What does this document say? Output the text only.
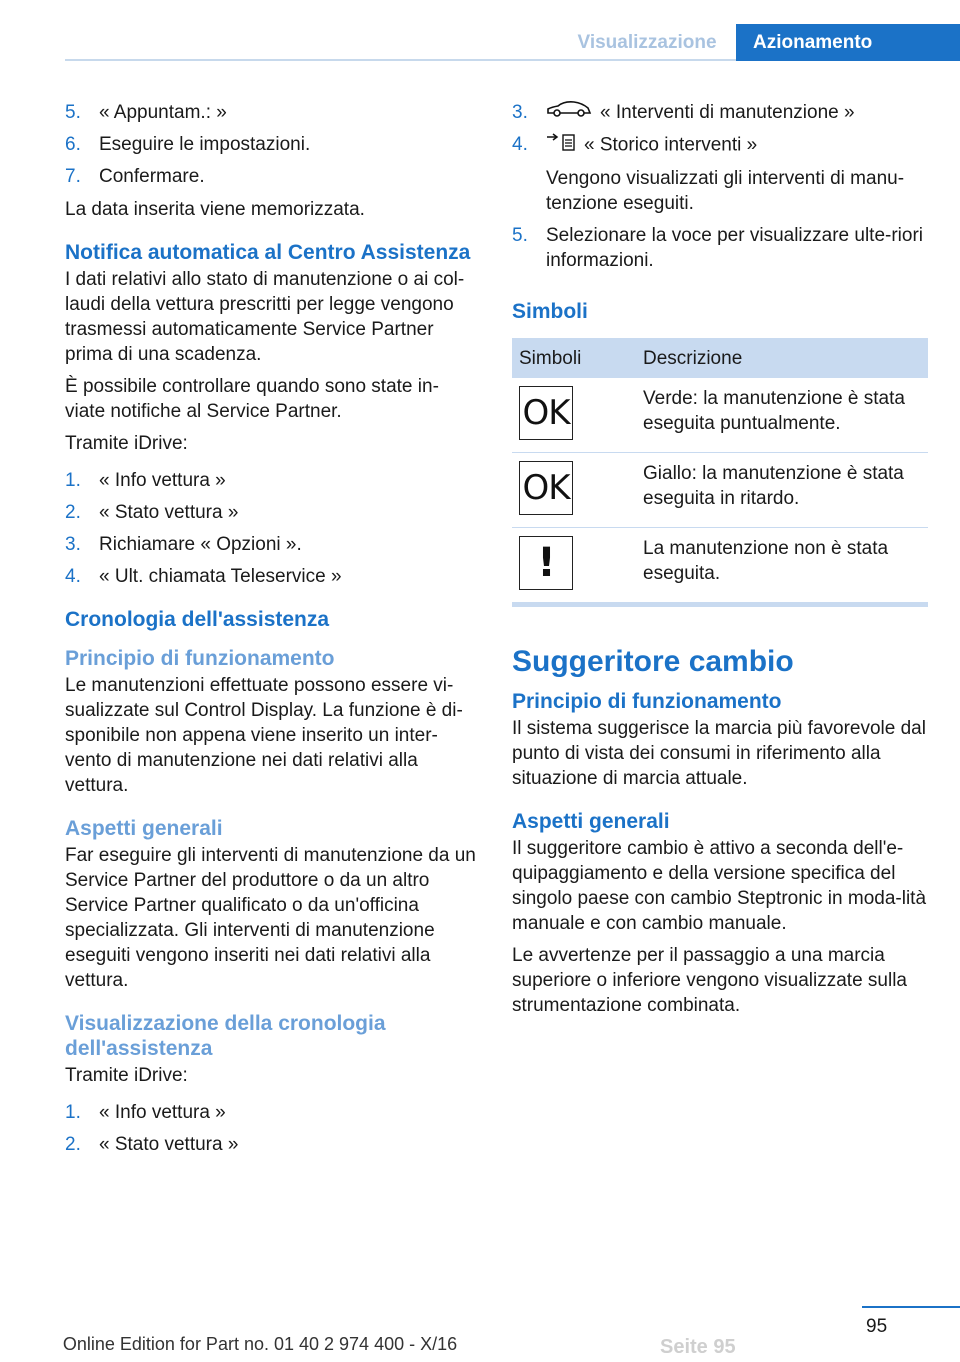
Visualizzazione	Azionamento
5. « Appuntam.: »
6. Eseguire le impostazioni.
7. Confermare.

La data inserita viene memorizzata.

Notifica automatica al Centro Assistenza

I dati relativi allo stato di manutenzione o ai col-laudi della vettura prescritti per legge vengono trasmessi automaticamente Service Partner prima di una scadenza.

È possibile controllare quando sono state in-viate notifiche al Service Partner.

Tramite iDrive:

1. « Info vettura »
2. « Stato vettura »
3. Richiamare « Opzioni ».
4. « Ult. chiamata Teleservice »
Cronologia dell'assistenza
Principio di funzionamento

Le manutenzioni effettuate possono essere vi-sualizzate sul Control Display. La funzione è di-sponibile non appena viene inserito un inter-vento di manutenzione nei dati relativi alla vettura.

Aspetti generali

Far eseguire gli interventi di manutenzione da un Service Partner del produttore o da un altro Service Partner qualificato o da un'officina specializzata. Gli interventi di manutenzione eseguiti vengono inseriti nei dati relativi alla vettura.

Visualizzazione della cronologia dell'assistenza

Tramite iDrive:

1. « Info vettura »
2. « Stato vettura »
3.	« Interventi di manutenzione »
4.	« Storico interventi »
Vengono visualizzati gli interventi di manu-tenzione eseguiti.
5. Selezionare la voce per visualizzare ulte-riori informazioni.
Simboli
Simboli	Descrizione

OK	Verde: la manutenzione è stata eseguita puntualmente.

OK	Giallo: la manutenzione è stata eseguita in ritardo.

!	La manutenzione non è stata eseguita.
Suggeritore cambio
Principio di funzionamento

Il sistema suggerisce la marcia più favorevole dal punto di vista dei consumi in riferimento alla situazione di marcia attuale.

Aspetti generali

Il suggeritore cambio è attivo a seconda dell'e-quipaggiamento e della versione specifica del singolo paese con cambio Steptronic in moda-lità manuale e con cambio manuale.

Le avvertenze per il passaggio a una marcia superiore o inferiore vengono visualizzate sulla strumentazione combinata.

95
Online Edition for Part no. 01 40 2 974 400 - X/16	Seite 95
